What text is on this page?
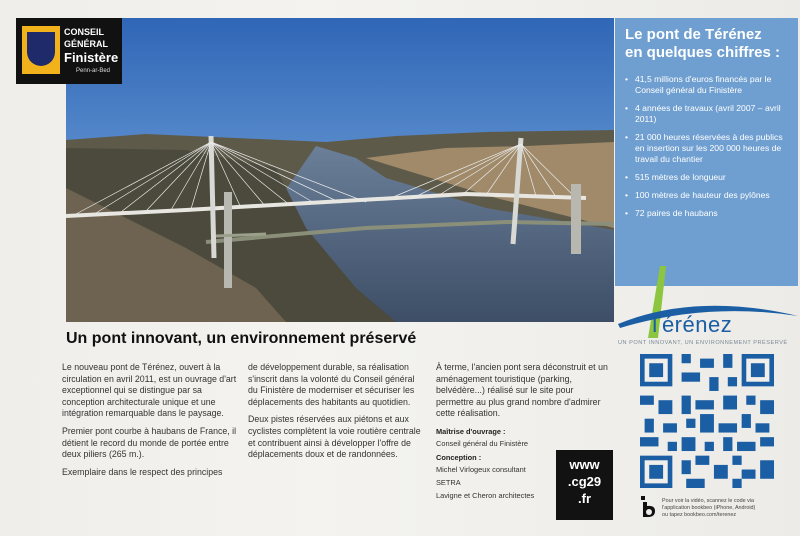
CONSEIL
GÉNÉRAL
Finistère
Penn-ar-Bed
Le pont de Térénez
en quelques chiffres :
• 41,5 millions d'euros financés par le Conseil général du Finistère
• 4 années de travaux (avril 2007 – avril 2011)
• 21 000 heures réservées à des publics en insertion sur les 200 000 heures de travail du chantier
• 515 mètres de longueur
• 100 mètres de hauteur des pylônes
• 72 paires de haubans
Térénez
UN PONT INNOVANT, UN ENVIRONNEMENT PRÉSERVÉ
Un pont innovant, un environnement préservé

Le nouveau pont de Térénez, ouvert à la circulation en avril 2011, est un ouvrage d'art exceptionnel qui se distingue par sa conception architecturale unique et une intégration remarquable dans le paysage.

Premier pont courbe à haubans de France, il détient le record du monde de portée entre deux piliers (265 m.).

Exemplaire dans le respect des principes

de développement durable, sa réalisation s'inscrit dans la volonté du Conseil général du Finistère de moderniser et sécuriser les déplacements des habitants au quotidien.

Deux pistes réservées aux piétons et aux cyclistes complètent la voie routière centrale et contribuent ainsi à développer l'offre de déplacements doux et de randonnées.

À terme, l'ancien pont sera déconstruit et un aménagement touristique (parking, belvédère...) réalisé sur le site pour permettre au plus grand nombre d'admirer cette réalisation.

Maîtrise d'ouvrage :
Conseil général du Finistère
Conception :
Michel Virlogeux consultant
SETRA
Lavigne et Cheron architectes
www
.cg29
.fr	Pour voir la vidéo, scannez le code via
l'application bookbeo (iPhone, Android)
ou tapez bookbeo.com/terenez
